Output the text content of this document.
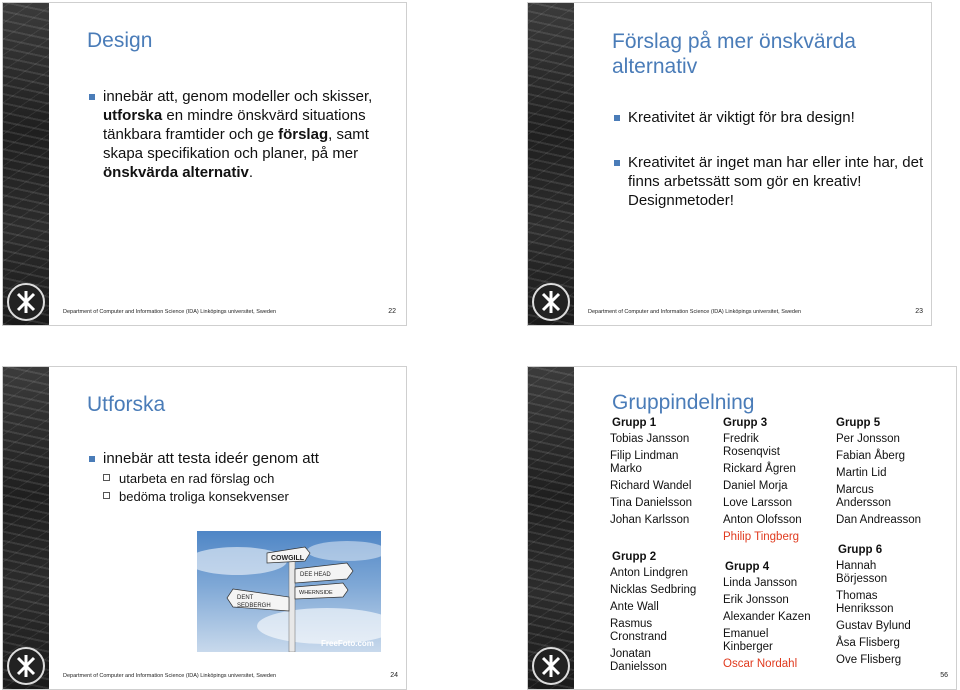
Design
innebär att, genom modeller och skisser,
utforska en mindre önskvärd situations tänkbara framtider och ge förslag, samt skapa specifikation och planer, på mer önskvärda alternativ.
Department of Computer and Information Science (IDA) Linköpings universitet, Sweden	22
Förslag på mer önskvärda alternativ
Kreativitet är viktigt för bra design!
Kreativitet är inget man har eller inte har, det finns arbetssätt som gör en kreativ! Designmetoder!
Department of Computer and Information Science (IDA) Linköpings universitet, Sweden	23
Utforska
innebär att testa ideér genom att
utarbeta en rad förslag och
bedöma troliga konsekvenser
COWGILL
DEE HEAD
WHERNSIDE
DENT
SEDBERGH
FreeFoto.com
Department of Computer and Information Science (IDA) Linköpings universitet, Sweden	24
Gruppindelning
Grupp 1
Tobias Jansson
Filip Lindman Marko
Richard Wandel
Tina Danielsson
Johan Karlsson
Grupp 2
Anton Lindgren
Nicklas Sedbring
Ante Wall
Rasmus Cronstrand
Jonatan Danielsson
Grupp 3
Fredrik Rosenqvist
Rickard Ågren
Daniel Morja
Love Larsson
Anton Olofsson
Philip Tingberg
Grupp 4
Linda Jansson
Erik Jonsson
Alexander Kazen
Emanuel Kinberger
Oscar Nordahl
Grupp 5
Per Jonsson
Fabian Åberg
Martin Lid
Marcus Andersson
Dan Andreasson
Grupp 6
Hannah Börjesson
Thomas Henriksson
Gustav Bylund
Åsa Flisberg
Ove Flisberg
56
